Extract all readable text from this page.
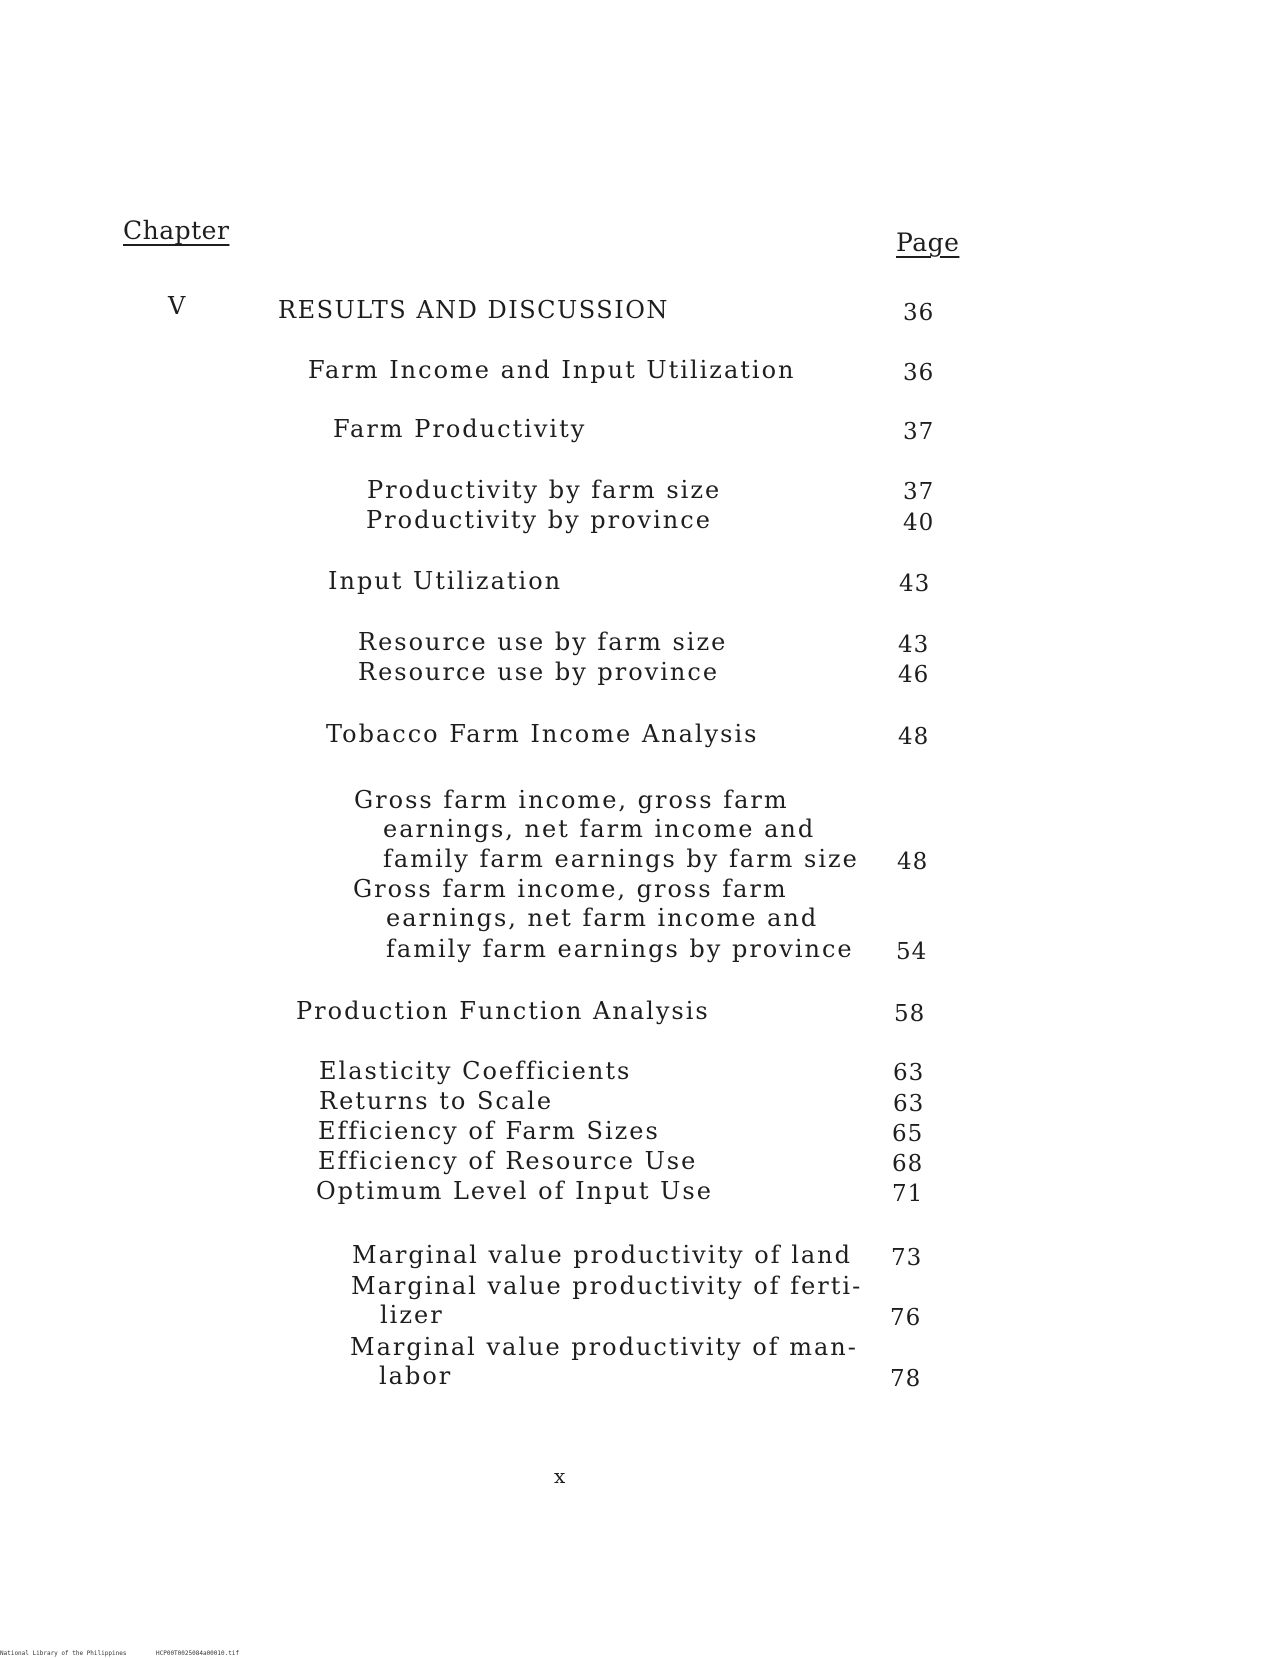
Chapter	Page
V	RESULTS AND DISCUSSION	36
Farm Income and Input Utilization	36
Farm Productivity	37
Productivity by farm size	37
Productivity by province	40
Input Utilization	43
Resource use by farm size	43
Resource use by province	46
Tobacco Farm Income Analysis	48
Gross farm income, gross farm
earnings, net farm income and
family farm earnings by farm size 48
Gross farm income, gross farm
earnings, net farm income and
family farm earnings by province 54
Production Function Analysis	58
Elasticity Coefficients	63
Returns to Scale	63
Efficiency of Farm Sizes	65
Efficiency of Resource Use	68
Optimum Level of Input Use	71
Marginal value productivity of land 73
Marginal value productivity of ferti-
lizer	76
Marginal value productivity of man-
labor	78
x
National Library of the Philippines	HCP00T0025084a00010.tif
